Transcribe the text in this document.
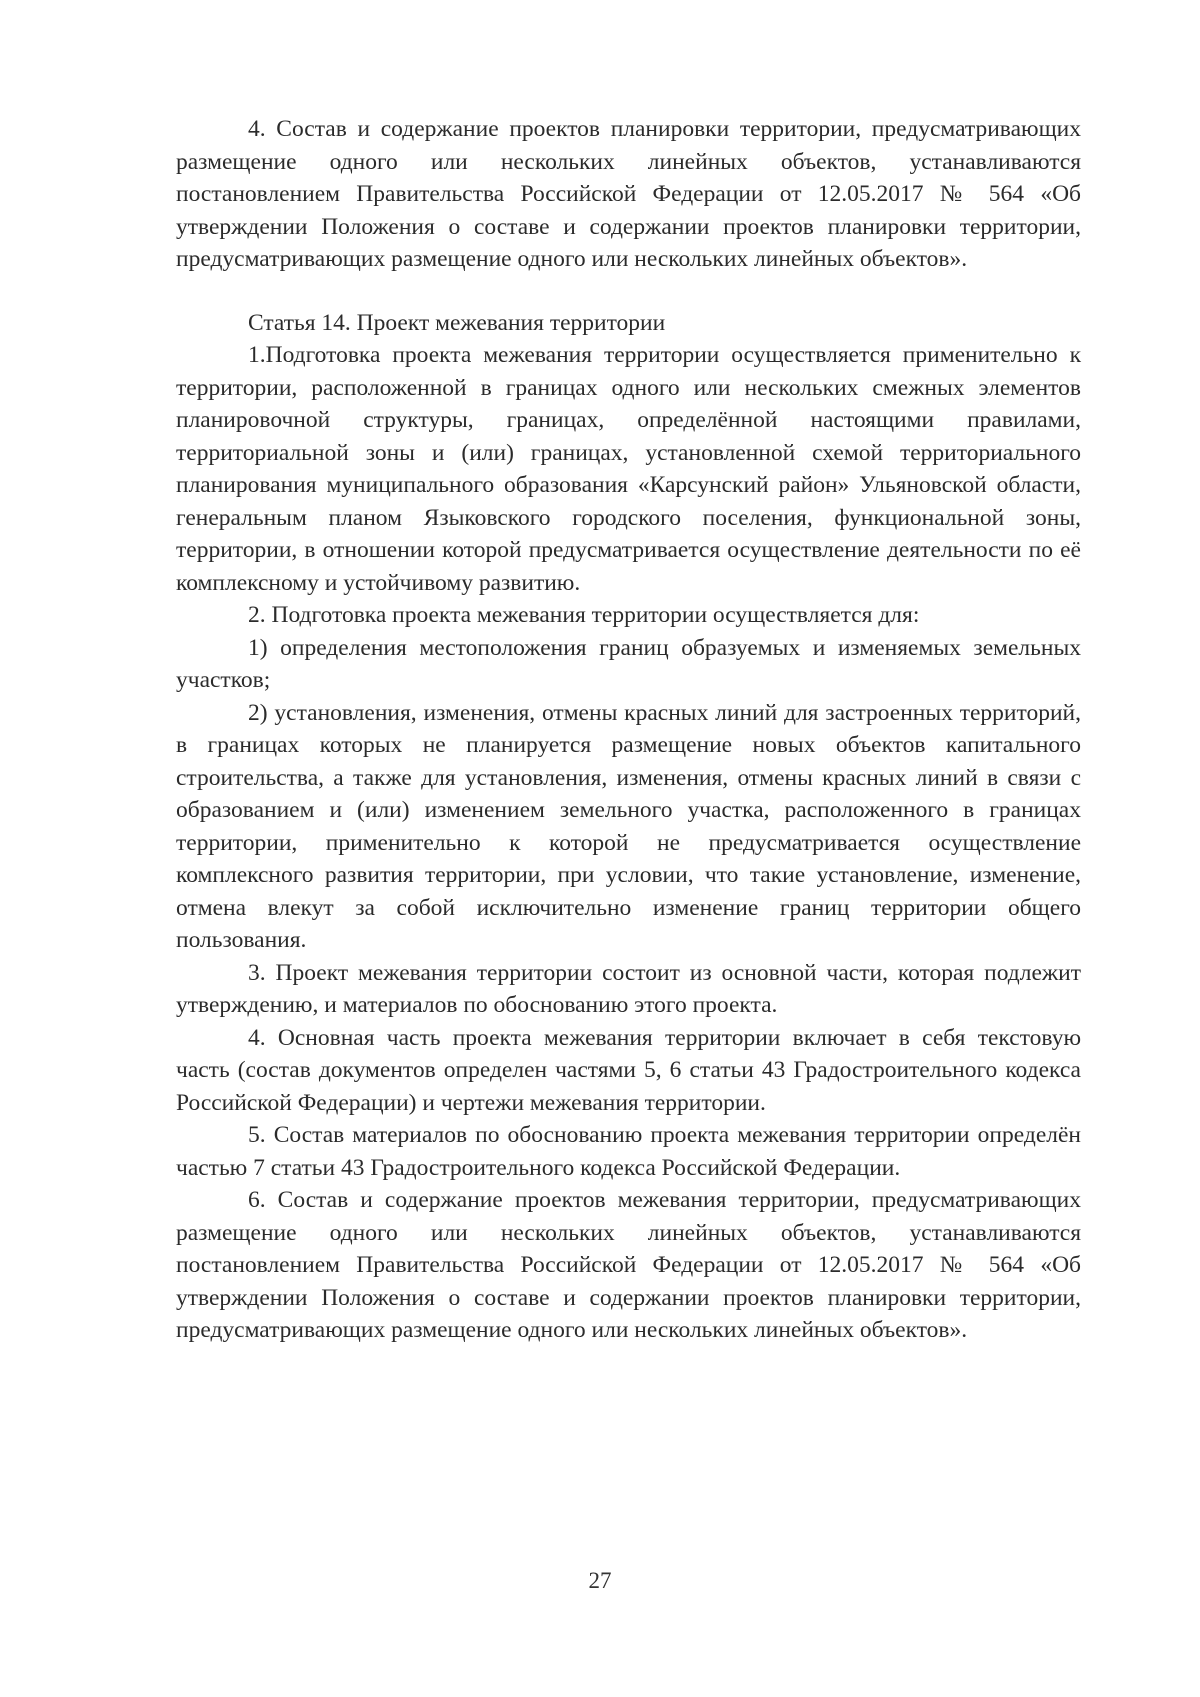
4. Состав и содержание проектов планировки территории, предусматривающих размещение одного или нескольких линейных объектов, устанавливаются постановлением Правительства Российской Федерации от 12.05.2017 № 564 «Об утверждении Положения о составе и содержании проектов планировки территории, предусматривающих размещение одного или нескольких линейных объектов».

Статья 14. Проект межевания территории

1.Подготовка проекта межевания территории осуществляется применительно к территории, расположенной в границах одного или нескольких смежных элементов планировочной структуры, границах, определённой настоящими правилами, территориальной зоны и (или) границах, установленной схемой территориального планирования муниципального образования «Карсунский район» Ульяновской области, генеральным планом Языковского городского поселения, функциональной зоны, территории, в отношении которой предусматривается осуществление деятельности по её комплексному и устойчивому развитию.

2. Подготовка проекта межевания территории осуществляется для:

1) определения местоположения границ образуемых и изменяемых земельных участков;

2) установления, изменения, отмены красных линий для застроенных территорий, в границах которых не планируется размещение новых объектов капитального строительства, а также для установления, изменения, отмены красных линий в связи с образованием и (или) изменением земельного участка, расположенного в границах территории, применительно к которой не предусматривается осуществление комплексного развития территории, при условии, что такие установление, изменение, отмена влекут за собой исключительно изменение границ территории общего пользования.

3. Проект межевания территории состоит из основной части, которая подлежит утверждению, и материалов по обоснованию этого проекта.

4. Основная часть проекта межевания территории включает в себя текстовую часть (состав документов определен частями 5, 6 статьи 43 Градостроительного кодекса Российской Федерации) и чертежи межевания территории.

5. Состав материалов по обоснованию проекта межевания территории определён частью 7 статьи 43 Градостроительного кодекса Российской Федерации.

6. Состав и содержание проектов межевания территории, предусматривающих размещение одного или нескольких линейных объектов, устанавливаются постановлением Правительства Российской Федерации от 12.05.2017 № 564 «Об утверждении Положения о составе и содержании проектов планировки территории, предусматривающих размещение одного или нескольких линейных объектов».

27
